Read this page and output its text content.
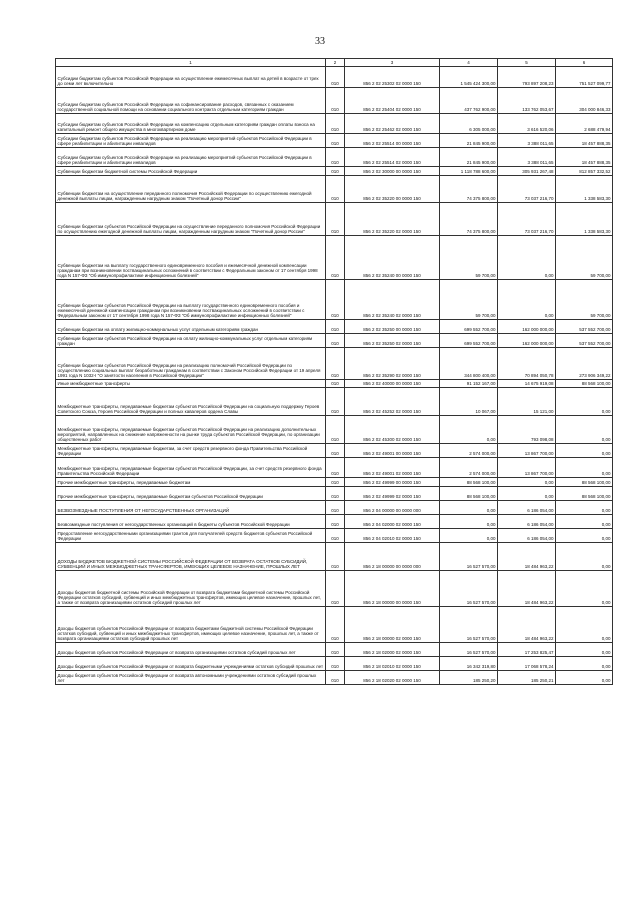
33
1	2	3	4	5	6
Субсидии бюджетам субъектов Российской Федерации на осуществление ежемесячных выплат на детей в возрасте от трех до семи лет включительно	010	856 2 02 25302 02 0000 150	1 545 424 300,00	793 897 208,23	751 527 099,77
Субсидии бюджетам субъектов Российской Федерации на софинансирование расходов, связанных с оказанием государственной социальной помощи на основании социального контракта отдельным категориям граждан	010	856 2 02 25404 02 0000 150	437 762 900,00	133 762 053,67	304 000 846,33
Субсидии бюджетам субъектов Российской Федерации на компенсацию отдельным категориям граждан оплаты взноса на капитальный ремонт общего имущества в многоквартирном доме	010	856 2 02 25462 02 0000 150	6 305 000,00	3 616 520,06	2 688 479,94
Субсидии бюджетам субъектов Российской Федерации на реализацию мероприятий субъектов Российской Федерации в сфере реабилитации и абилитации инвалидов	010	856 2 02 25514 00 0000 150	21 845 900,00	3 388 011,65	18 457 888,35
Субсидии бюджетам субъектов Российской Федерации на реализацию мероприятий субъектов Российской Федерации в сфере реабилитации и абилитации инвалидов	010	856 2 02 25514 02 0000 150	21 845 900,00	3 388 011,65	18 457 888,35
Субвенции бюджетам бюджетной системы Российской Федерации	010	856 2 02 30000 00 0000 150	1 118 788 600,00	305 931 267,48	812 857 332,52
Субвенции бюджетам на осуществление переданного полномочия Российской Федерации по осуществлению ежегодной денежной выплаты лицам, награжденным нагрудным знаком "Почетный донор России"	010	856 2 02 35220 00 0000 150	74 375 800,00	73 037 216,70	1 338 583,30
Субвенции бюджетам субъектов Российской Федерации на осуществление переданного полномочия Российской Федерации по осуществлению ежегодной денежной выплаты лицам, награжденным нагрудным знаком "Почетный донор России"	010	856 2 02 35220 02 0000 150	74 375 800,00	73 037 216,70	1 338 583,30
Субвенции бюджетам на выплату государственного единовременного пособия и ежемесячной денежной компенсации гражданам при возникновении поствакцинальных осложнений в соответствии с Федеральным законом от 17 сентября 1998 года N 157-ФЗ "Об иммунопрофилактике инфекционных болезней"	010	856 2 02 35240 00 0000 150	59 700,00	0,00	59 700,00
Субвенции бюджетам субъектов Российской Федерации на выплату государственного единовременного пособия и ежемесячной денежной компенсации гражданам при возникновении поствакцинальных осложнений в соответствии с Федеральным законом от 17 сентября 1998 года N 157-ФЗ "Об иммунопрофилактике инфекционных болезней"	010	856 2 02 35240 02 0000 150	59 700,00	0,00	59 700,00
Субвенции бюджетам на оплату жилищно-коммунальных услуг отдельным категориям граждан	010	856 2 02 35250 00 0000 150	699 552 700,00	162 000 000,00	537 552 700,00
Субвенции бюджетам субъектов Российской Федерации на оплату жилищно-коммунальных услуг отдельным категориям граждан	010	856 2 02 35250 02 0000 150	699 552 700,00	162 000 000,00	537 552 700,00
Субвенции бюджетам субъектов Российской Федерации на реализацию полномочий Российской Федерации по осуществлению социальных выплат безработным гражданам в соответствии с Законом Российской Федерации от 19 апреля 1991 года N 1032-I "О занятости населения в Российской Федерации"	010	856 2 02 35290 02 0000 150	344 800 400,00	70 894 050,78	273 906 349,22
Иные межбюджетные трансферты	010	856 2 02 40000 00 0000 150	91 152 167,00	14 675 919,08	88 568 100,00
Межбюджетные трансферты, передаваемые бюджетам субъектов Российской Федерации на социальную поддержку Героев Советского Союза, Героев Российской Федерации и полных кавалеров ордена Славы	010	856 2 02 45252 02 0000 150	10 067,00	15 121,00	0,00
Межбюджетные трансферты, передаваемые бюджетам субъектов Российской Федерации на реализацию дополнительных мероприятий, направленных на снижение напряженности на рынке труда субъектов Российской Федерации, по организации общественных работ	010	856 2 02 45300 02 0000 150	0,00	793 098,08	0,00
Межбюджетные трансферты, передаваемые бюджетам, за счет средств резервного фонда Правительства Российской Федерации	010	856 2 02 49001 00 0000 150	2 574 000,00	13 867 700,00	0,00
Межбюджетные трансферты, передаваемые бюджетам субъектов Российской Федерации, за счет средств резервного фонда Правительства Российской Федерации	010	856 2 02 49001 02 0000 150	2 574 000,00	13 867 700,00	0,00
Прочие межбюджетные трансферты, передаваемые бюджетам	010	856 2 02 49999 00 0000 150	88 568 100,00	0,00	88 568 100,00
Прочие межбюджетные трансферты, передаваемые бюджетам субъектов Российской Федерации	010	856 2 02 49999 02 0000 150	88 568 100,00	0,00	88 568 100,00
БЕЗВОЗМЕЗДНЫЕ ПОСТУПЛЕНИЯ ОТ НЕГОСУДАРСТВЕННЫХ ОРГАНИЗАЦИЙ	010	856 2 04 00000 00 0000 000	0,00	6 186 054,00	0,00
Безвозмездные поступления от негосударственных организаций в бюджеты субъектов Российской Федерации	010	856 2 04 02000 02 0000 150	0,00	6 186 054,00	0,00
Предоставление негосударственными организациями грантов для получателей средств бюджетов субъектов Российской Федерации	010	856 2 04 02010 02 0000 150	0,00	6 186 054,00	0,00
ДОХОДЫ БЮДЖЕТОВ БЮДЖЕТНОЙ СИСТЕМЫ РОССИЙСКОЙ ФЕДЕРАЦИИ ОТ ВОЗВРАТА ОСТАТКОВ СУБСИДИЙ, СУБВЕНЦИЙ И ИНЫХ МЕЖБЮДЖЕТНЫХ ТРАНСФЕРТОВ, ИМЕЮЩИХ ЦЕЛЕВОЕ НАЗНАЧЕНИЕ, ПРОШЛЫХ ЛЕТ	010	856 2 18 00000 00 0000 000	16 527 570,00	18 484 963,22	0,00
Доходы бюджетов бюджетной системы Российской Федерации от возврата бюджетами бюджетной системы Российской Федерации остатков субсидий, субвенций и иных межбюджетных трансфертов, имеющих целевое назначение, прошлых лет, а также от возврата организациями остатков субсидий прошлых лет	010	856 2 18 00000 00 0000 150	16 527 570,00	18 484 963,22	0,00
Доходы бюджетов субъектов Российской Федерации от возврата бюджетами бюджетной системы Российской Федерации остатков субсидий, субвенций и иных межбюджетных трансфертов, имеющих целевое назначение, прошлых лет, а также от возврата организациями остатков субсидий прошлых лет	010	856 2 18 00000 02 0000 150	16 527 570,00	18 484 963,22	0,00
Доходы бюджетов субъектов Российской Федерации от возврата организациями остатков субсидий прошлых лет	010	856 2 18 02000 02 0000 150	16 527 570,00	17 253 825,47	0,00
Доходы бюджетов субъектов Российской Федерации от возврата бюджетными учреждениями остатков субсидий прошлых лет	010	856 2 18 02010 02 0000 150	16 342 319,80	17 068 578,24	0,00
Доходы бюджетов субъектов Российской Федерации от возврата автономными учреждениями остатков субсидий прошлых лет	010	856 2 18 02020 02 0000 150	185 250,20	185 250,21	0,00
